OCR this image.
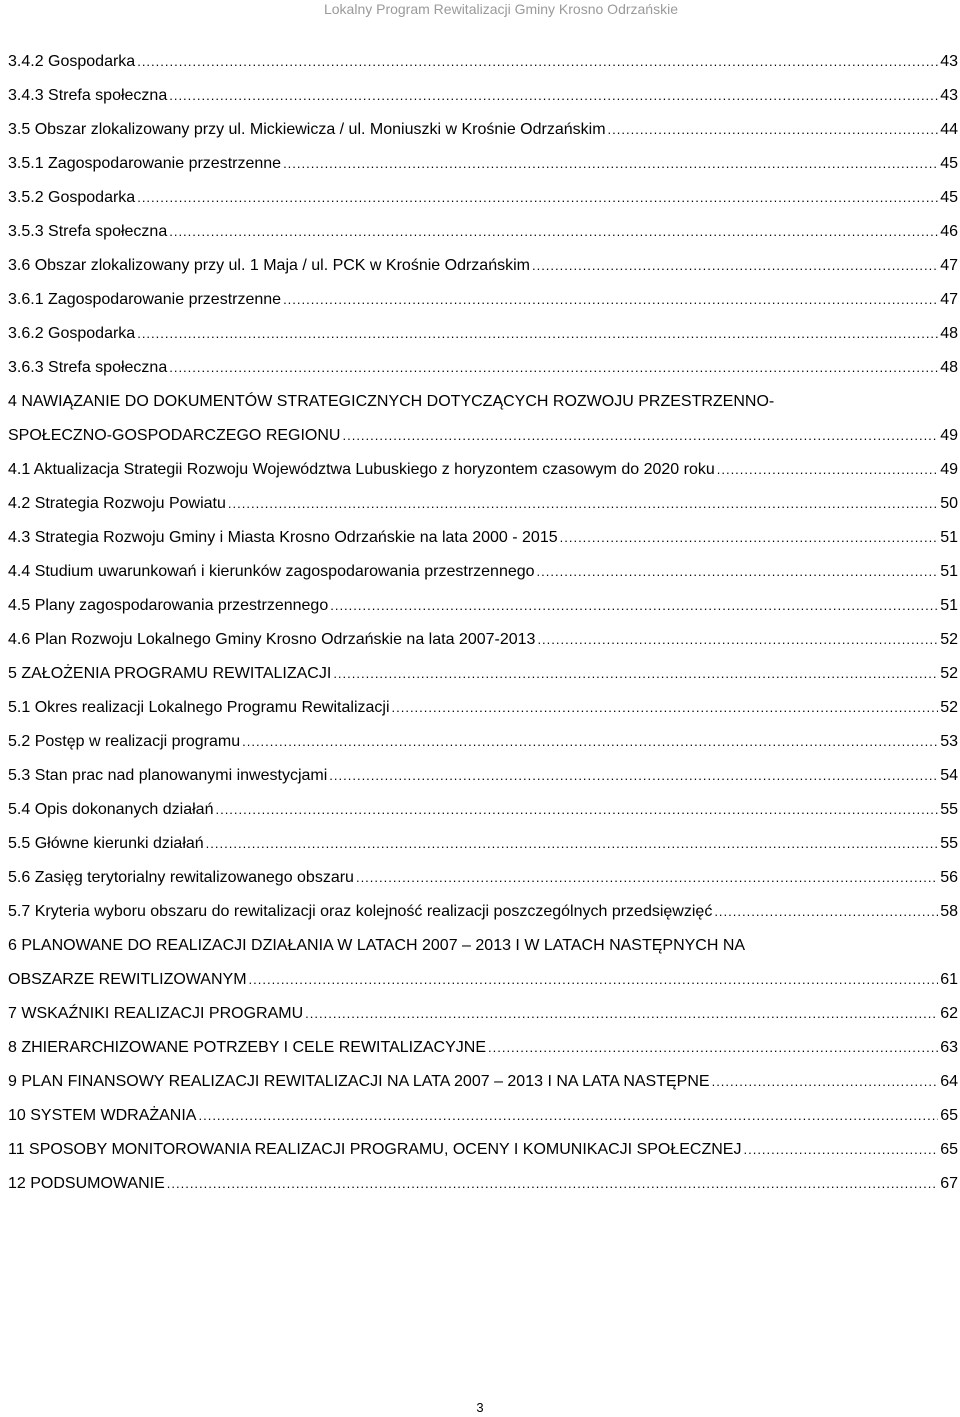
Lokalny Program Rewitalizacji Gminy Krosno Odrzańskie
3.4.2 Gospodarka .....	43
3.4.3 Strefa społeczna .....	43
3.5 Obszar zlokalizowany przy ul. Mickiewicza / ul. Moniuszki w Krośnie Odrzańskim .....	44
3.5.1 Zagospodarowanie przestrzenne .....	45
3.5.2 Gospodarka .....	45
3.5.3 Strefa społeczna .....	46
3.6 Obszar zlokalizowany przy ul. 1 Maja / ul. PCK w Krośnie Odrzańskim .....	47
3.6.1 Zagospodarowanie przestrzenne .....	47
3.6.2 Gospodarka .....	48
3.6.3 Strefa społeczna .....	48
4 NAWIĄZANIE DO DOKUMENTÓW STRATEGICZNYCH DOTYCZĄCYCH ROZWOJU PRZESTRZENNO-
SPOŁECZNO-GOSPODARCZEGO REGIONU .....	49
4.1 Aktualizacja Strategii Rozwoju Województwa Lubuskiego z horyzontem czasowym do 2020 roku .....	49
4.2 Strategia Rozwoju Powiatu .....	50
4.3 Strategia Rozwoju Gminy i Miasta Krosno Odrzańskie na lata 2000 - 2015 .....	51
4.4 Studium uwarunkowań i kierunków zagospodarowania przestrzennego .....	51
4.5 Plany zagospodarowania przestrzennego .....	51
4.6 Plan Rozwoju Lokalnego Gminy Krosno Odrzańskie na lata 2007-2013 .....	52
5 ZAŁOŻENIA PROGRAMU REWITALIZACJI .....	52
5.1 Okres realizacji Lokalnego Programu Rewitalizacji .....	52
5.2 Postęp w realizacji programu .....	53
5.3 Stan prac nad planowanymi inwestycjami .....	54
5.4 Opis dokonanych działań .....	55
5.5 Główne kierunki działań .....	55
5.6 Zasięg terytorialny rewitalizowanego obszaru .....	56
5.7 Kryteria wyboru obszaru do rewitalizacji oraz kolejność realizacji poszczególnych przedsięwzięć .....	58
6 PLANOWANE DO REALIZACJI DZIAŁANIA W LATACH 2007 – 2013 I W LATACH NASTĘPNYCH NA
OBSZARZE REWITLIZOWANYM .....	61
7 WSKAŹNIKI REALIZACJI PROGRAMU .....	62
8 ZHIERARCHIZOWANE POTRZEBY I CELE REWITALIZACYJNE .....	63
9 PLAN FINANSOWY REALIZACJI REWITALIZACJI NA LATA 2007 – 2013 I NA LATA NASTĘPNE .....	64
10 SYSTEM WDRAŻANIA .....	65
11 SPOSOBY MONITOROWANIA REALIZACJI PROGRAMU, OCENY I KOMUNIKACJI SPOŁECZNEJ .....	65
12 PODSUMOWANIE .....	67
3
